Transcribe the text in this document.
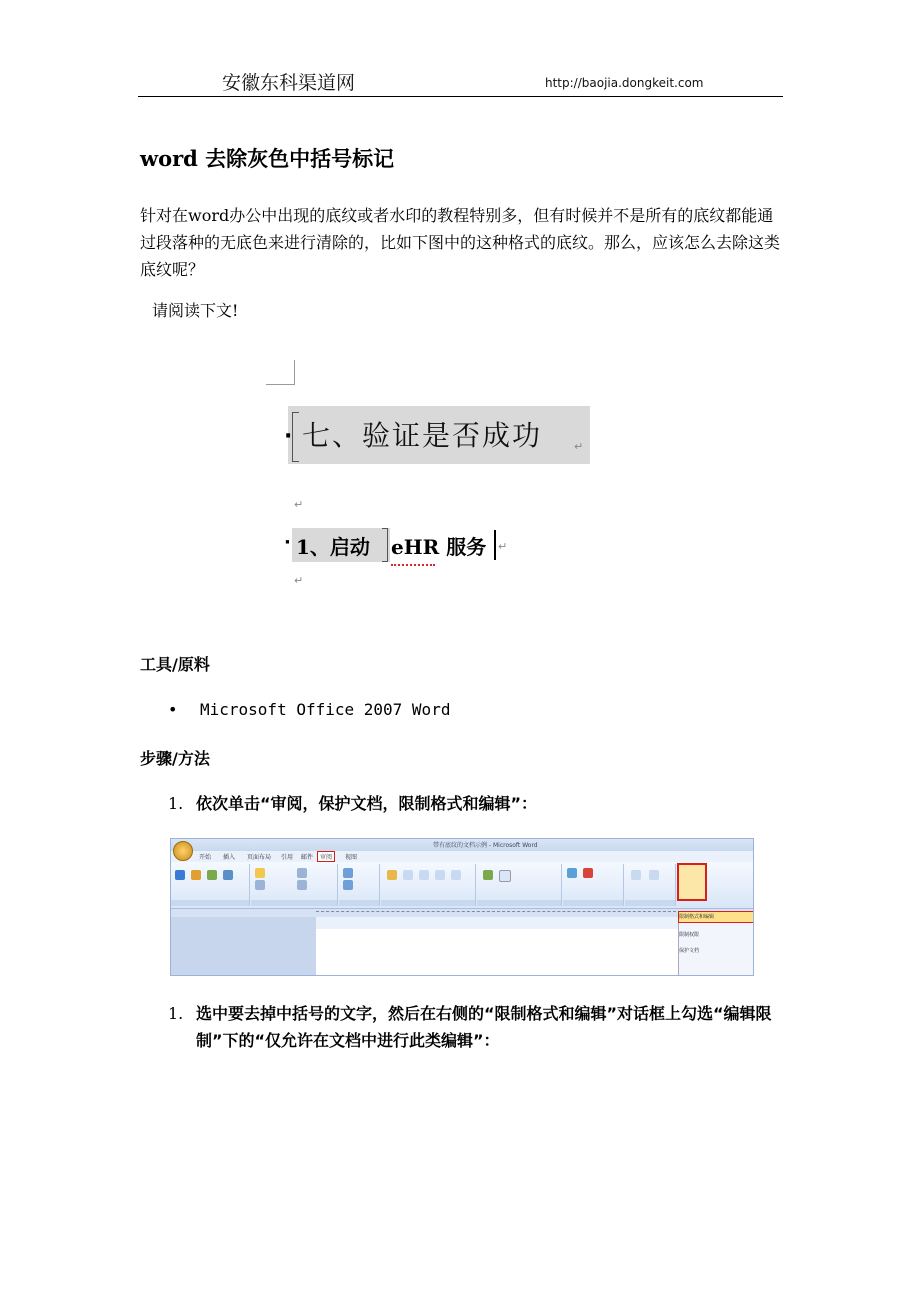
安徽东科渠道网	http://baojia.dongkeit.com
word 去除灰色中括号标记

针对在word办公中出现的底纹或者水印的教程特别多，但有时候并不是所有的底纹都能通过段落种的无底色来进行清除的，比如下图中的这种格式的底纹。那么，应该怎么去除这类底纹呢？

请阅读下文!

· 七、验证是否成功	↵
↵
· 1、启动 eHR 服务 ↵
↵
工具/原料

• Microsoft Office 2007 Word

步骤/方法
1. 依次单击“审阅，保护文档，限制格式和编辑”：
带有底纹的文档示例 - Microsoft Word
开始 插入 页面布局 引用 邮件	审阅	视图
限制格式和编辑
限制权限
保护文档
1. 选中要去掉中括号的文字，然后在右侧的“限制格式和编辑”对话框上勾选“编辑限制”下的“仅允许在文档中进行此类编辑”：
